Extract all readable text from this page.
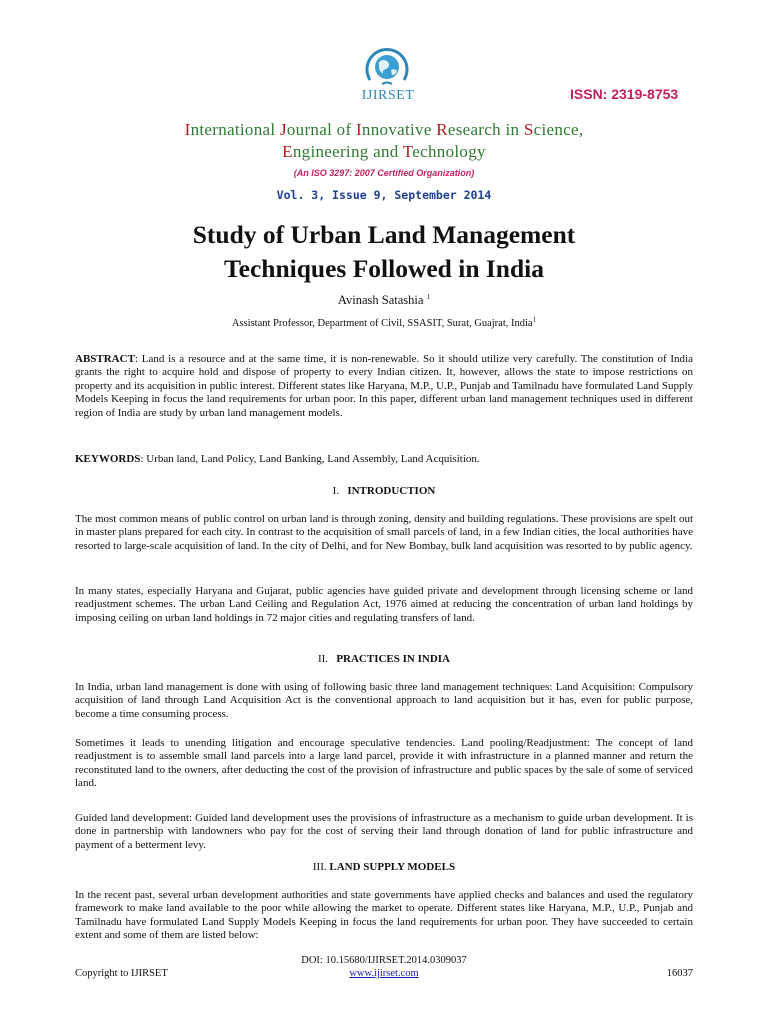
IJIRSET	ISSN: 2319-8753
International Journal of Innovative Research in Science,
Engineering and Technology
(An ISO 3297: 2007 Certified Organization)
Vol. 3, Issue 9, September 2014
Study of Urban Land Management
Techniques Followed in India
Avinash Satashia $^1$
Assistant Professor, Department of Civil, SSASIT, Surat, Guajrat, India$^1$
ABSTRACT: Land is a resource and at the same time, it is non-renewable. So it should utilize very carefully. The constitution of India grants the right to acquire hold and dispose of property to every Indian citizen. It, however, allows the state to impose restrictions on property and its acquisition in public interest. Different states like Haryana, M.P., U.P., Punjab and Tamilnadu have formulated Land Supply Models Keeping in focus the land requirements for urban poor. In this paper, different urban land management techniques used in different region of India are study by urban land management models.
KEYWORDS: Urban land, Land Policy, Land Banking, Land Assembly, Land Acquisition.
I. INTRODUCTION
The most common means of public control on urban land is through zoning, density and building regulations. These provisions are spelt out in master plans prepared for each city. In contrast to the acquisition of small parcels of land, in a few Indian cities, the local authorities have resorted to large-scale acquisition of land. In the city of Delhi, and for New Bombay, bulk land acquisition was resorted to by public agency.
In many states, especially Haryana and Gujarat, public agencies have guided private and development through licensing scheme or land readjustment schemes. The urban Land Ceiling and Regulation Act, 1976 aimed at reducing the concentration of urban land holdings by imposing ceiling on urban land holdings in 72 major cities and regulating transfers of land.
II. PRACTICES IN INDIA
In India, urban land management is done with using of following basic three land management techniques: Land Acquisition: Compulsory acquisition of land through Land Acquisition Act is the conventional approach to land acquisition but it has, even for public purpose, become a time consuming process.
Sometimes it leads to unending litigation and encourage speculative tendencies. Land pooling/Readjustment: The concept of land readjustment is to assemble small land parcels into a large land parcel, provide it with infrastructure in a planned manner and return the reconstituted land to the owners, after deducting the cost of the provision of infrastructure and public spaces by the sale of some of serviced land.
Guided land development: Guided land development uses the provisions of infrastructure as a mechanism to guide urban development. It is done in partnership with landowners who pay for the cost of serving their land through donation of land for public infrastructure and payment of a betterment levy.
III. LAND SUPPLY MODELS
In the recent past, several urban development authorities and state governments have applied checks and balances and used the regulatory framework to make land available to the poor while allowing the market to operate. Different states like Haryana, M.P., U.P., Punjab and Tamilnadu have formulated Land Supply Models Keeping in focus the land requirements for urban poor. They have succeeded to certain extent and some of them are listed below:
DOI: 10.15680/IJIRSET.2014.0309037
Copyright to IJIRSET	www.ijirset.com	16037
